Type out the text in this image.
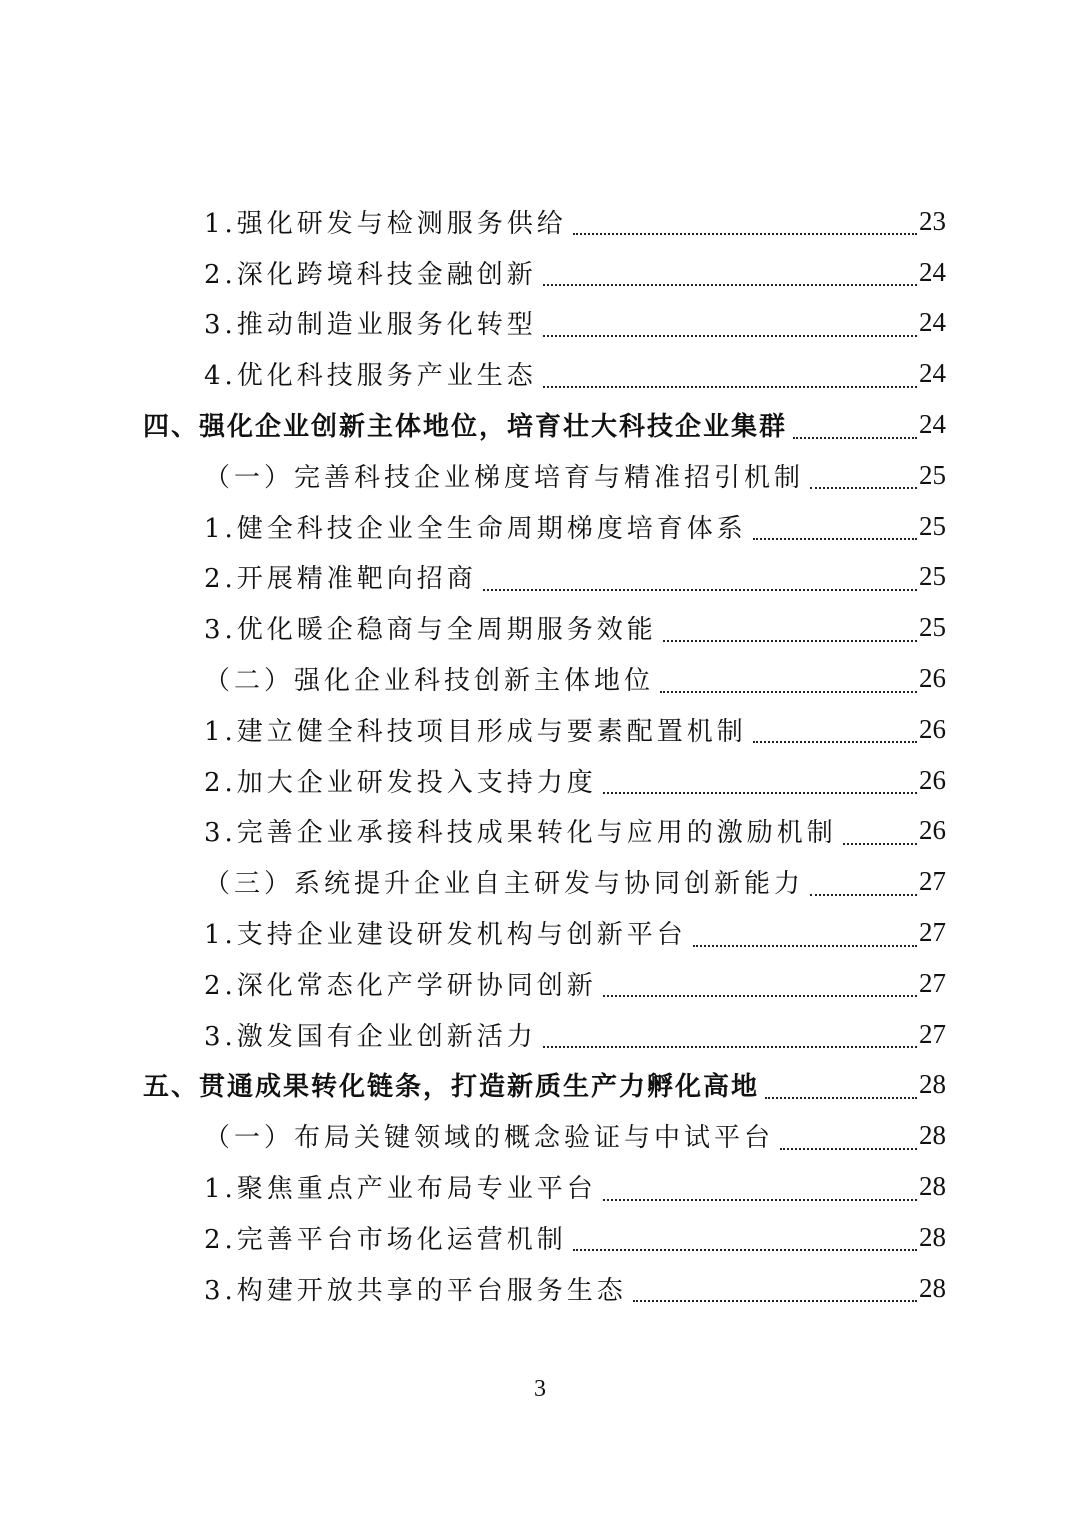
1.强化研发与检测服务供给	23
2.深化跨境科技金融创新	24
3.推动制造业服务化转型	24
4.优化科技服务产业生态	24
四、强化企业创新主体地位，培育壮大科技企业集群	24
（一）完善科技企业梯度培育与精准招引机制	25
1.健全科技企业全生命周期梯度培育体系	25
2.开展精准靶向招商	25
3.优化暖企稳商与全周期服务效能	25
（二）强化企业科技创新主体地位	26
1.建立健全科技项目形成与要素配置机制	26
2.加大企业研发投入支持力度	26
3.完善企业承接科技成果转化与应用的激励机制	26
（三）系统提升企业自主研发与协同创新能力	27
1.支持企业建设研发机构与创新平台	27
2.深化常态化产学研协同创新	27
3.激发国有企业创新活力	27
五、贯通成果转化链条，打造新质生产力孵化高地	28
（一）布局关键领域的概念验证与中试平台	28
1.聚焦重点产业布局专业平台	28
2.完善平台市场化运营机制	28
3.构建开放共享的平台服务生态	28
3
